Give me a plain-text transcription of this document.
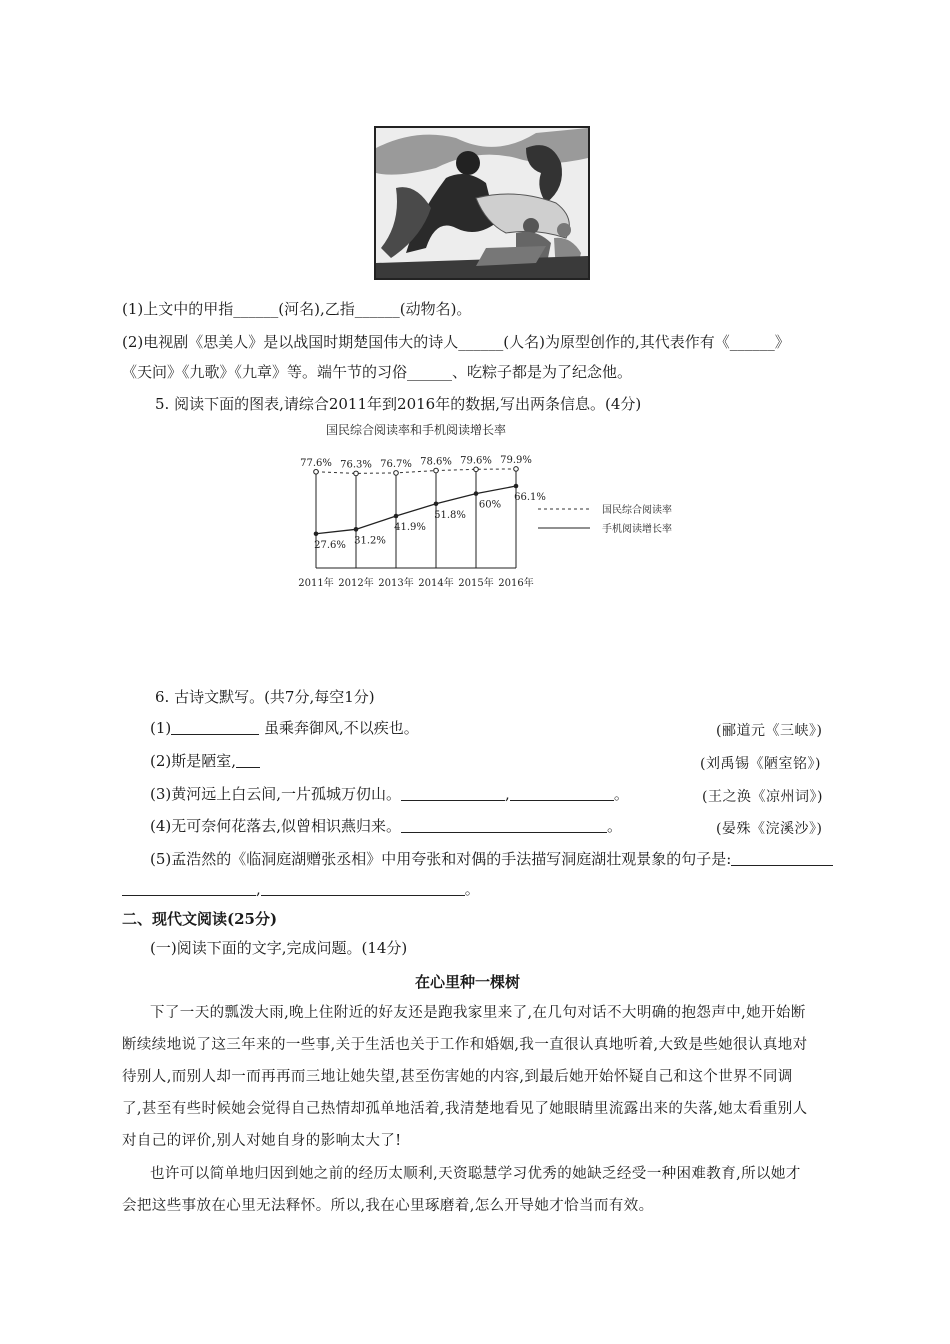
(1)上文中的甲指______(河名),乙指______(动物名)。
(2)电视剧《思美人》是以战国时期楚国伟大的诗人______(人名)为原型创作的,其代表作有《______》
《天问》《九歌》《九章》等。端午节的习俗______、吃粽子都是为了纪念他。
5. 阅读下面的图表,请综合2011年到2016年的数据,写出两条信息。(4分)
国民综合阅读率和手机阅读增长率
77.6%
27.6%
2011年
76.3%
31.2%
2012年
76.7%
41.9%
2013年
78.6%
51.8%
2014年
79.6%
60%
2015年
79.9%
66.1%
2016年
国民综合阅读率
手机阅读增长率
6. 古诗文默写。(共7分,每空1分)
(1)	虽乘奔御风,不以疾也。	(郦道元《三峡》)
(2)斯是陋室,	(刘禹锡《陋室铭》)
(3)黄河远上白云间,一片孤城万仞山。	,	。	(王之涣《凉州词》)
(4)无可奈何花落去,似曾相识燕归来。	。	(晏殊《浣溪沙》)
(5)孟浩然的《临洞庭湖赠张丞相》中用夸张和对偶的手法描写洞庭湖壮观景象的句子是:
,	。
二、现代文阅读(25分)
(一)阅读下面的文字,完成问题。(14分)
在心里种一棵树
下了一天的瓢泼大雨,晚上住附近的好友还是跑我家里来了,在几句对话不大明确的抱怨声中,她开始断
断续续地说了这三年来的一些事,关于生活也关于工作和婚姻,我一直很认真地听着,大致是些她很认真地对
待别人,而别人却一而再再而三地让她失望,甚至伤害她的内容,到最后她开始怀疑自己和这个世界不同调
了,甚至有些时候她会觉得自己热情却孤单地活着,我清楚地看见了她眼睛里流露出来的失落,她太看重别人
对自己的评价,别人对她自身的影响太大了!
也许可以简单地归因到她之前的经历太顺利,天资聪慧学习优秀的她缺乏经受一种困难教育,所以她才
会把这些事放在心里无法释怀。所以,我在心里琢磨着,怎么开导她才恰当而有效。
